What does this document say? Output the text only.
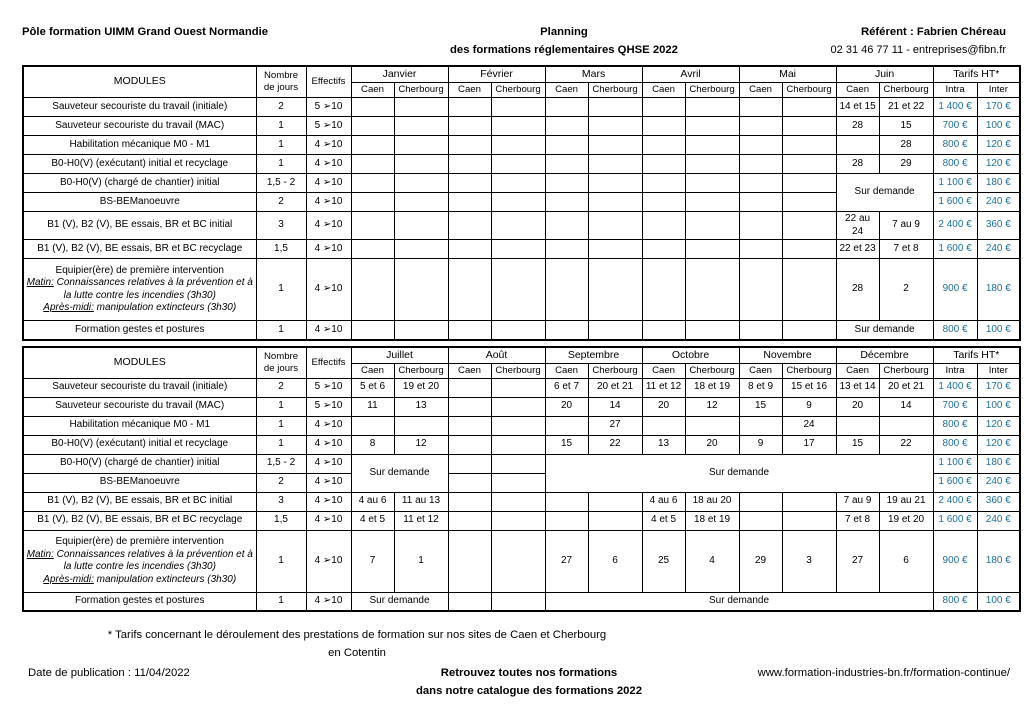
Pôle formation UIMM Grand Ouest Normandie	Planning
des formations réglementaires QHSE 2022
Référent : Fabrien Chéreau
02 31 46 77 11 - entreprises@fibn.fr
MODULES	Nombre
de jours	Effectifs	Janvier		Février		Mars		Avril		Mai		Juin		Tarifs HT*	
			Caen	Cherbourg	Caen	Cherbourg	Caen	Cherbourg	Caen	Cherbourg	Caen	Cherbourg	Caen	Cherbourg	Intra	Inter
Sauveteur secouriste du travail (initiale)	2	5 ➢10											14 et 15	21 et 22	1 400 €	170 €
Sauveteur secouriste du travail (MAC)	1	5 ➢10											28	15	700 €	100 €
Habilitation mécanique M0 - M1	1	4 ➢10												28	800 €	120 €
B0-H0(V) (exécutant) initial et recyclage	1	4 ➢10											28	29	800 €	120 €
B0-H0(V) (chargé de chantier) initial	1,5 - 2	4 ➢10											Sur demande		1 100 €	180 €
BS-BEManoeuvre	2	4 ➢10													1 600 €	240 €
B1 (V), B2 (V), BE essais, BR et BC initial	3	4 ➢10											22 au 24	7 au 9	2 400 €	360 €
B1 (V), B2 (V), BE essais, BR et BC recyclage	1,5	4 ➢10											22 et 23	7 et 8	1 600 €	240 €

Equipier(ère) de première intervention
Matin: Connaissances relatives à la prévention et à
la lutte contre les incendies (3h30)
Après-midi: manipulation extincteurs (3h30)	1	4 ➢10											28	2	900 €	180 €
Formation gestes et postures	1	4 ➢10											Sur demande		800 €	100 €
MODULES	Nombre
de jours	Effectifs	Juillet		Août		Septembre		Octobre		Novembre		Décembre		Tarifs HT*	
			Caen	Cherbourg	Caen	Cherbourg	Caen	Cherbourg	Caen	Cherbourg	Caen	Cherbourg	Caen	Cherbourg	Intra	Inter
Sauveteur secouriste du travail (initiale)	2	5 ➢10	5 et 6	19 et 20			6 et 7	20 et 21	11 et 12	18 et 19	8 et 9	15 et 16	13 et 14	20 et 21	1 400 €	170 €
Sauveteur secouriste du travail (MAC)	1	5 ➢10	11	13			20	14	20	12	15	9	20	14	700 €	100 €
Habilitation mécanique M0 - M1	1	4 ➢10						27				24			800 €	120 €
B0-H0(V) (exécutant) initial et recyclage	1	4 ➢10	8	12			15	22	13	20	9	17	15	22	800 €	120 €
B0-H0(V) (chargé de chantier) initial	1,5 - 2	4 ➢10	Sur demande				Sur demande								1 100 €	180 €
BS-BEManoeuvre	2	4 ➢10													1 600 €	240 €
B1 (V), B2 (V), BE essais, BR et BC initial	3	4 ➢10	4 au 6	11 au 13					4 au 6	18 au 20			7 au 9	19 au 21	2 400 €	360 €
B1 (V), B2 (V), BE essais, BR et BC recyclage	1,5	4 ➢10	4 et 5	11 et 12					4 et 5	18 et 19			7 et 8	19 et 20	1 600 €	240 €

Equipier(ère) de première intervention
Matin: Connaissances relatives à la prévention et à
la lutte contre les incendies (3h30)
Après-midi: manipulation extincteurs (3h30)	1	4 ➢10	7	1			27	6	25	4	29	3	27	6	900 €	180 €
Formation gestes et postures	1	4 ➢10	Sur demande				Sur demande								800 €	100 €
* Tarifs concernant le déroulement des prestations de formation sur nos sites de Caen et Cherbourg
en Cotentin
Date de publication : 11/04/2022	Retrouvez toutes nos formations
dans notre catalogue des formations 2022
www.formation-industries-bn.fr/formation-continue/
